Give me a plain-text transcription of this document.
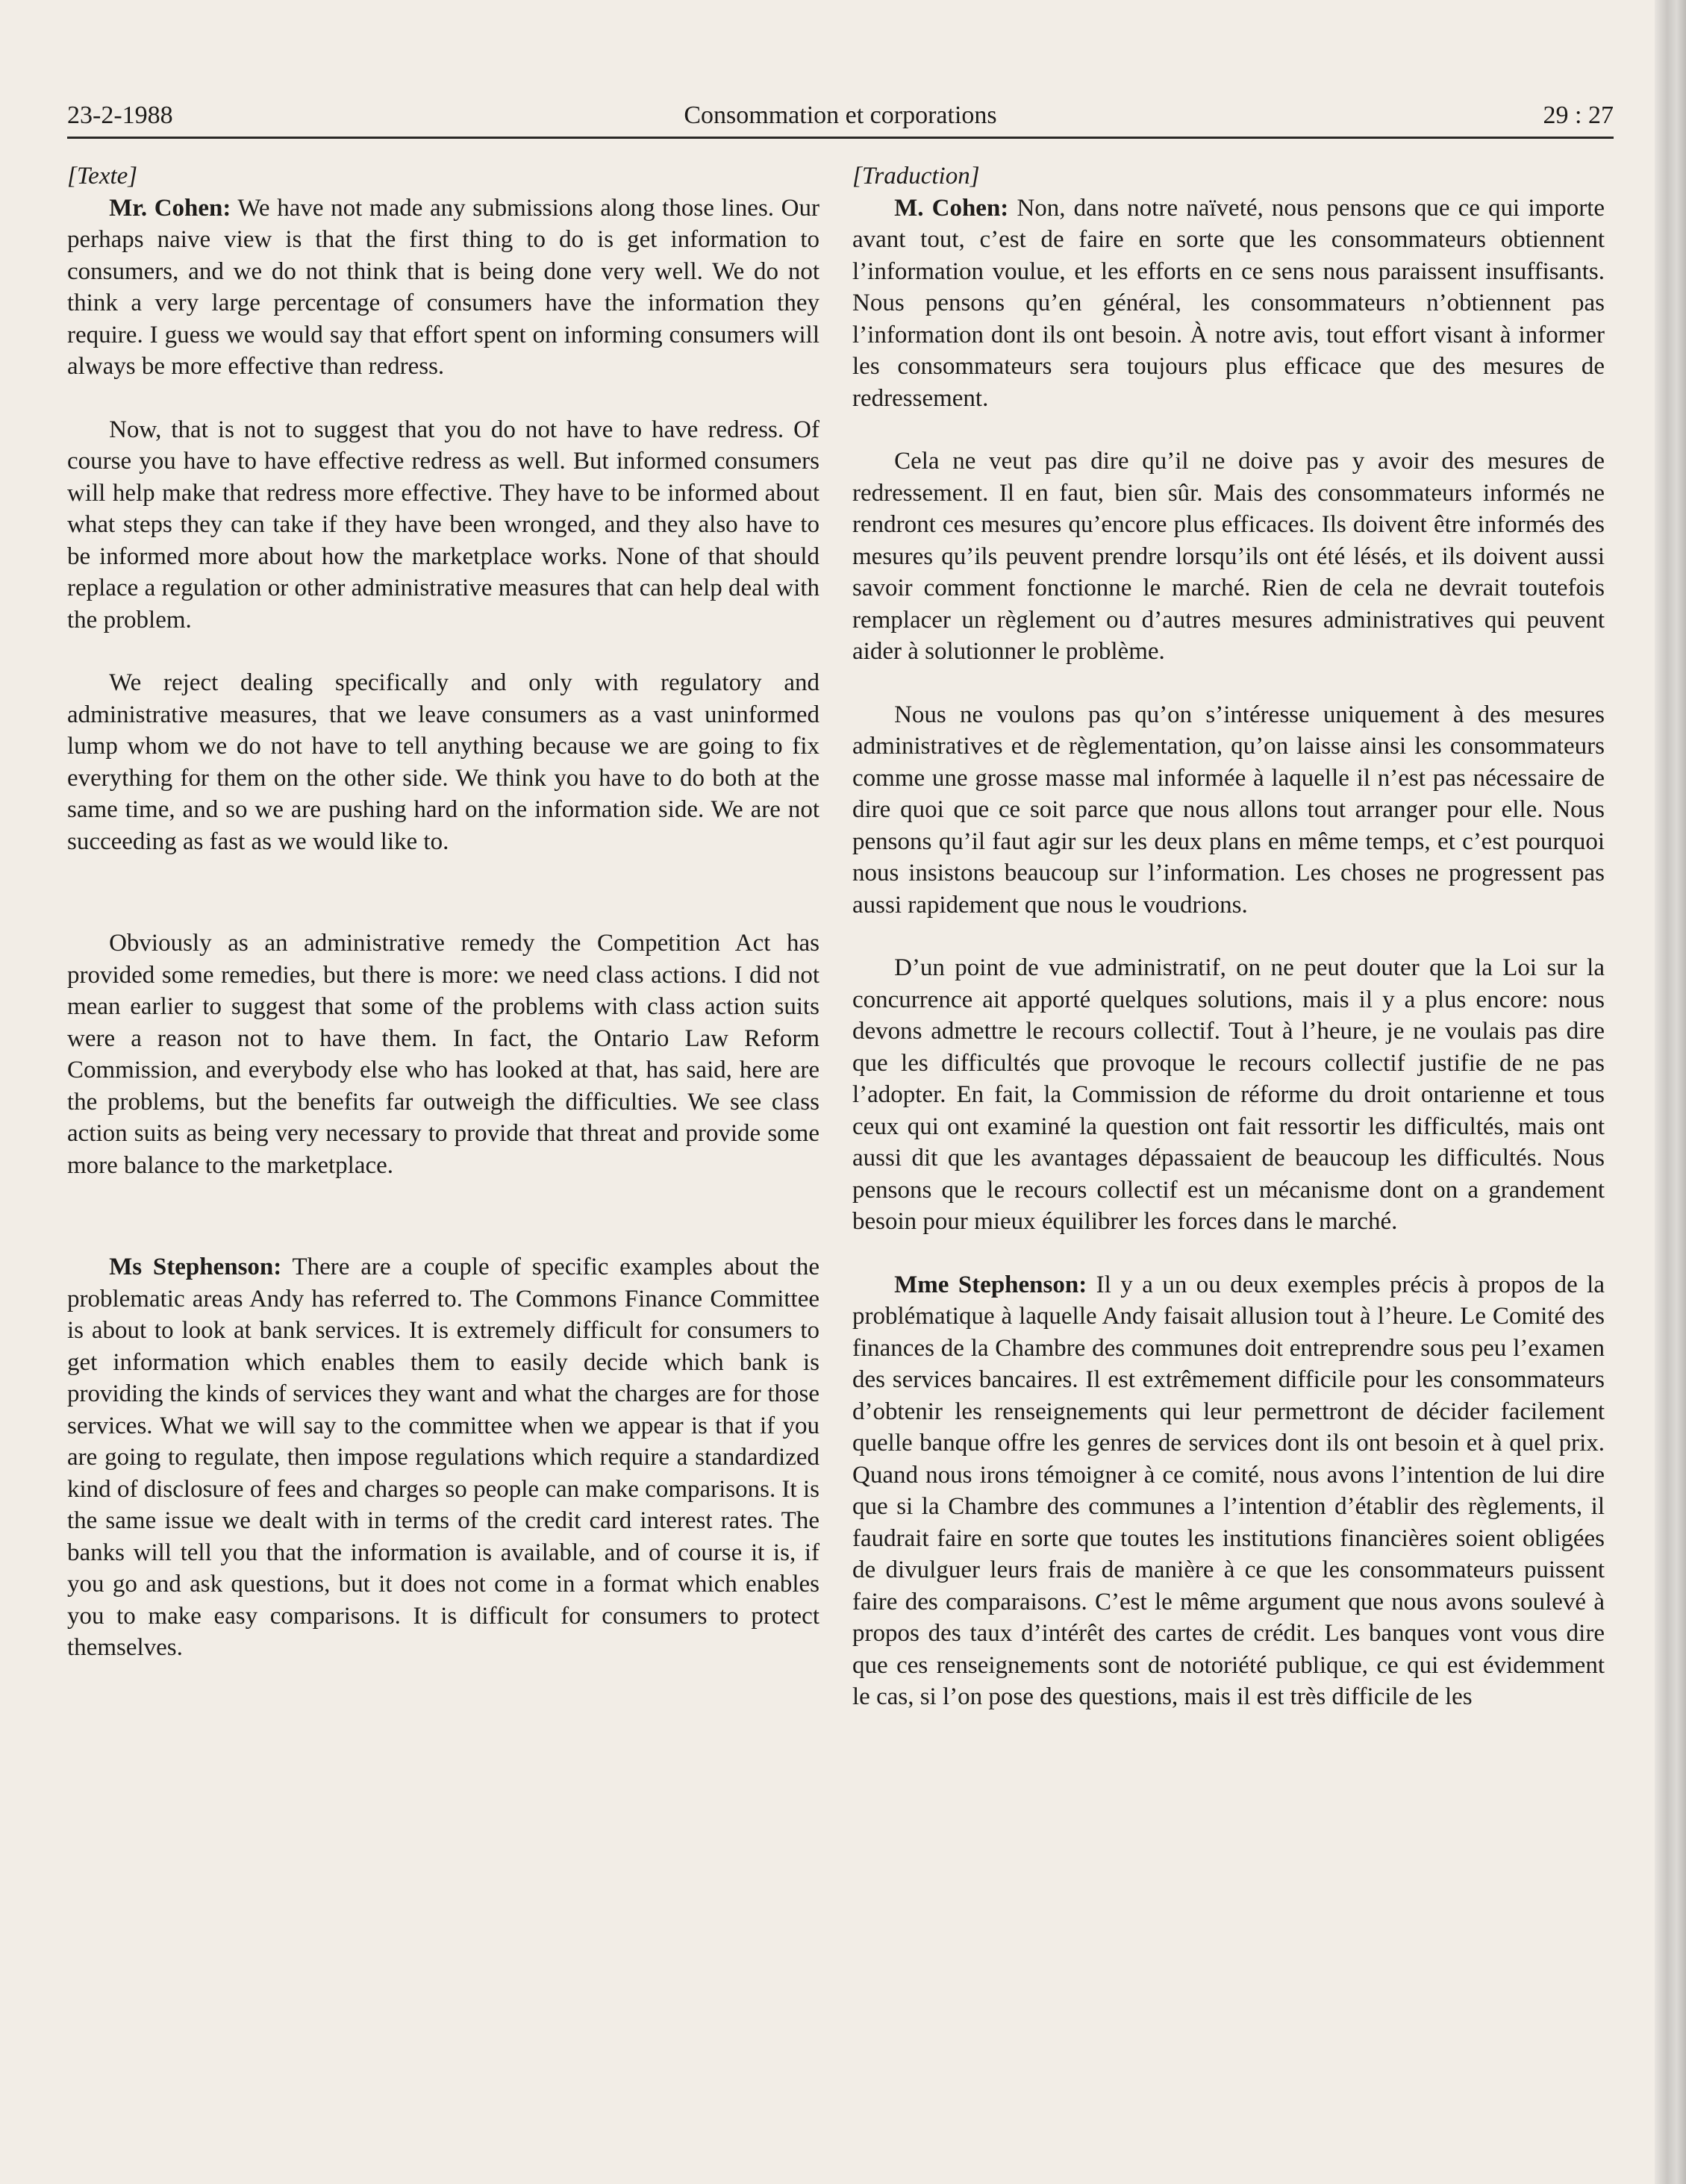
23-2-1988	Consommation et corporations	29 : 27

[Texte]

Mr. Cohen: We have not made any submissions along those lines. Our perhaps naive view is that the first thing to do is get information to consumers, and we do not think that is being done very well. We do not think a very large percentage of consumers have the information they require. I guess we would say that effort spent on informing consumers will always be more effective than redress.

Now, that is not to suggest that you do not have to have redress. Of course you have to have effective redress as well. But informed consumers will help make that redress more effective. They have to be informed about what steps they can take if they have been wronged, and they also have to be informed more about how the marketplace works. None of that should replace a regulation or other administrative measures that can help deal with the problem.

We reject dealing specifically and only with regulatory and administrative measures, that we leave consumers as a vast uninformed lump whom we do not have to tell anything because we are going to fix everything for them on the other side. We think you have to do both at the same time, and so we are pushing hard on the information side. We are not succeeding as fast as we would like to.

Obviously as an administrative remedy the Competition Act has provided some remedies, but there is more: we need class actions. I did not mean earlier to suggest that some of the problems with class action suits were a reason not to have them. In fact, the Ontario Law Reform Commission, and everybody else who has looked at that, has said, here are the problems, but the benefits far outweigh the difficulties. We see class action suits as being very necessary to provide that threat and provide some more balance to the marketplace.

Ms Stephenson: There are a couple of specific examples about the problematic areas Andy has referred to. The Commons Finance Committee is about to look at bank services. It is extremely difficult for consumers to get information which enables them to easily decide which bank is providing the kinds of services they want and what the charges are for those services. What we will say to the committee when we appear is that if you are going to regulate, then impose regulations which require a standardized kind of disclosure of fees and charges so people can make comparisons. It is the same issue we dealt with in terms of the credit card interest rates. The banks will tell you that the information is available, and of course it is, if you go and ask questions, but it does not come in a format which enables you to make easy comparisons. It is difficult for consumers to protect themselves.

[Traduction]

M. Cohen: Non, dans notre naïveté, nous pensons que ce qui importe avant tout, c’est de faire en sorte que les consommateurs obtiennent l’information voulue, et les efforts en ce sens nous paraissent insuffisants. Nous pensons qu’en général, les consommateurs n’obtiennent pas l’information dont ils ont besoin. À notre avis, tout effort visant à informer les consommateurs sera toujours plus efficace que des mesures de redressement.

Cela ne veut pas dire qu’il ne doive pas y avoir des mesures de redressement. Il en faut, bien sûr. Mais des consommateurs informés ne rendront ces mesures qu’encore plus efficaces. Ils doivent être informés des mesures qu’ils peuvent prendre lorsqu’ils ont été lésés, et ils doivent aussi savoir comment fonctionne le marché. Rien de cela ne devrait toutefois remplacer un règlement ou d’autres mesures administratives qui peuvent aider à solutionner le problème.

Nous ne voulons pas qu’on s’intéresse uniquement à des mesures administratives et de règlementation, qu’on laisse ainsi les consommateurs comme une grosse masse mal informée à laquelle il n’est pas nécessaire de dire quoi que ce soit parce que nous allons tout arranger pour elle. Nous pensons qu’il faut agir sur les deux plans en même temps, et c’est pourquoi nous insistons beaucoup sur l’information. Les choses ne progressent pas aussi rapidement que nous le voudrions.

D’un point de vue administratif, on ne peut douter que la Loi sur la concurrence ait apporté quelques solutions, mais il y a plus encore: nous devons admettre le recours collectif. Tout à l’heure, je ne voulais pas dire que les difficultés que provoque le recours collectif justifie de ne pas l’adopter. En fait, la Commission de réforme du droit ontarienne et tous ceux qui ont examiné la question ont fait ressortir les difficultés, mais ont aussi dit que les avantages dépassaient de beaucoup les difficultés. Nous pensons que le recours collectif est un mécanisme dont on a grandement besoin pour mieux équilibrer les forces dans le marché.

Mme Stephenson: Il y a un ou deux exemples précis à propos de la problématique à laquelle Andy faisait allusion tout à l’heure. Le Comité des finances de la Chambre des communes doit entreprendre sous peu l’examen des services bancaires. Il est extrêmement difficile pour les consommateurs d’obtenir les renseignements qui leur permettront de décider facilement quelle banque offre les genres de services dont ils ont besoin et à quel prix. Quand nous irons témoigner à ce comité, nous avons l’intention de lui dire que si la Chambre des communes a l’intention d’établir des règlements, il faudrait faire en sorte que toutes les institutions financières soient obligées de divulguer leurs frais de manière à ce que les consommateurs puissent faire des comparaisons. C’est le même argument que nous avons soulevé à propos des taux d’intérêt des cartes de crédit. Les banques vont vous dire que ces renseignements sont de notoriété publique, ce qui est évidemment le cas, si l’on pose des questions, mais il est très difficile de les
